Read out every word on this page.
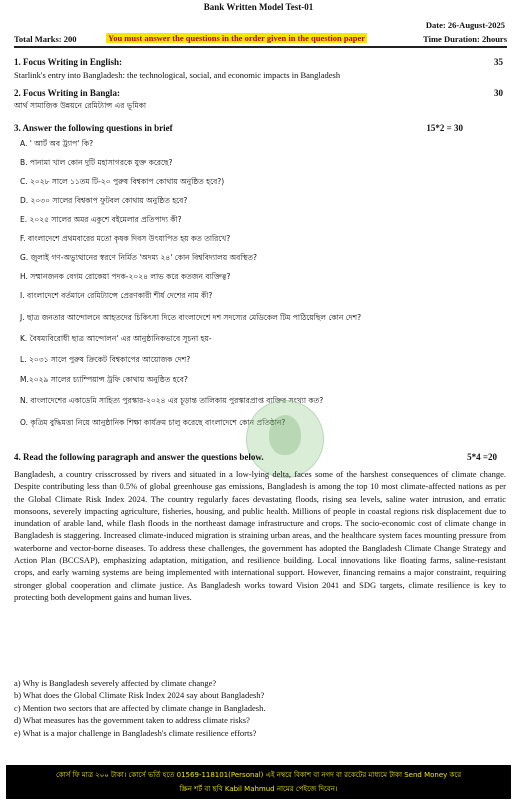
Bank Written Model Test-01
Date: 26-August-2025
Total Marks: 200	You must answer the questions in the order given in the question paper	Time Duration: 2hours
1. Focus Writing in English:	35
Starlink's entry into Bangladesh: the technological, social, and economic impacts in Bangladesh
2. Focus Writing in Bangla:	30
আর্থ সামাজিক উন্নয়নে রেমিট্যান্স এর ভূমিকা
3. Answer the following questions in brief	15*2 = 30
A. ' আর্ট অব ট্র্যাপ' কি?
B. পানামা খাল কোন দুটি মহাসাগরকে যুক্ত করেছে?
C. ২০২৮ সালে ১১তম টি-২০ পুরুষ বিশ্বকাপ কোথায় অনুষ্ঠিত হবে?)
D. ২০৩০ সালের বিশ্বকাপ ফুটবল কোথায় অনুষ্ঠিত হবে?
E. ২০২৫ সালের অমর একুশে বইমেলার প্রতিপাদ্য কী?
F. বাংলাদেশে প্রথমবারের মতো কৃষক দিবস উৎযাপিত হয় কত তারিখে?
G. জুলাই গণ-অভ্যুত্থানের স্বরণে নির্মিত 'অদম্য ২৪' কোন বিশ্ববিদ্যালয় অবস্থিত?
H. সম্মানজনক বেগম রোকেয়া পদক-২০২৪ লাভ করে কতজন ব্যক্তিত্ব?
I. বাংলাদেশে বর্তমানে রেমিট্যান্সে প্রেরণকারী শীর্ষ দেশের নাম কী?
J. ছাত্র জনতার আন্দোলনে আহতদের চিকিৎসা দিতে বাংলাদেশে দশ সদস্যের মেডিকেল টিম পাঠিয়েছিল কোন দেশ?
K. বৈষম্যবিরোধী ছাত্র আন্দোলন' এর আনুষ্ঠানিকভাবে সূচনা হয়-
L. ২০৩১ সালে পুরুষ ক্রিকেট বিশ্বকাপের আয়োজক দেশ?
M.২০২৯ সালের চ্যাম্পিয়ান্স ট্রফি কোথায় অনুষ্ঠিত হবে?
N. বাংলাদেশের একাডেমি সাহিত্য পুরস্কার-২০২৪ এর চূড়ান্ত তালিকায় পুরস্কারপ্রাপ্ত ব্যক্তির সংখ্যা কত?
O. কৃত্রিম বুদ্ধিমত্তা নিয়ে আনুষ্ঠানিক শিক্ষা কার্যক্রম চালু করেছে বাংলাদেশে কোন প্রতিষ্ঠান?
4. Read the following paragraph and answer the questions below.	5*4 =20
Bangladesh, a country crisscrossed by rivers and situated in a low-lying delta, faces some of the harshest consequences of climate change. Despite contributing less than 0.5% of global greenhouse gas emissions, Bangladesh is among the top 10 most climate-affected nations as per the Global Climate Risk Index 2024. The country regularly faces devastating floods, rising sea levels, saline water intrusion, and erratic monsoons, severely impacting agriculture, fisheries, housing, and public health. Millions of people in coastal regions risk displacement due to inundation of arable land, while flash floods in the northeast damage infrastructure and crops. The socio-economic cost of climate change in Bangladesh is staggering. Increased climate-induced migration is straining urban areas, and the healthcare system faces mounting pressure from waterborne and vector-borne diseases. To address these challenges, the government has adopted the Bangladesh Climate Change Strategy and Action Plan (BCCSAP), emphasizing adaptation, mitigation, and resilience building. Local innovations like floating farms, saline-resistant crops, and early warning systems are being implemented with international support. However, financing remains a major constraint, requiring stronger global cooperation and climate justice. As Bangladesh works toward Vision 2041 and SDG targets, climate resilience is key to protecting both development gains and human lives.
a) Why is Bangladesh severely affected by climate change?
b) What does the Global Climate Risk Index 2024 say about Bangladesh?
c) Mention two sectors that are affected by climate change in Bangladesh.
d) What measures has the government taken to address climate risks?
e) What is a major challenge in Bangladesh's climate resilience efforts?
কোর্স ফি মাত্র ২০০ টাকা। কোর্সে ভর্তি হতে 01569-118101(Personal) এই নম্বরে বিকাশ বা নগদ বা রকেটের মাধ্যমে টাকা Send Money করে
স্ক্রিন শর্ট বা ছবি Kabil Mahmud নামের পেইজে দিবেন।
